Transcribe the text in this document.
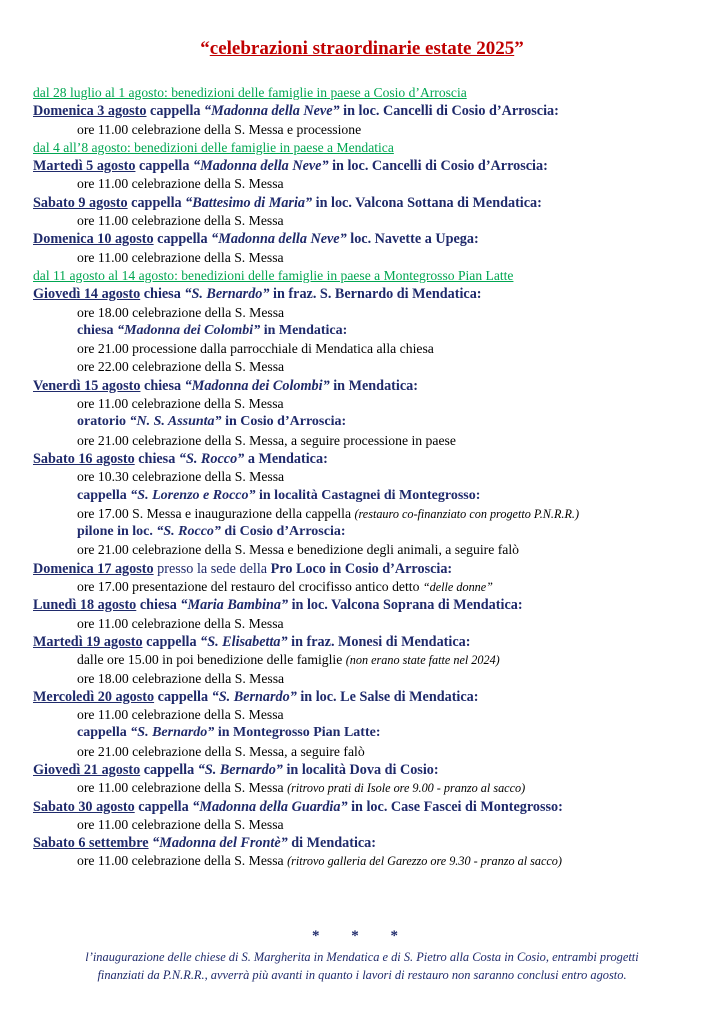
“celebrazioni straordinarie estate 2025”
dal 28 luglio al 1 agosto: benedizioni delle famiglie in paese a Cosio d’Arroscia
Domenica 3 agosto cappella “Madonna della Neve” in loc. Cancelli di Cosio d’Arroscia:
ore 11.00 celebrazione della S. Messa e processione
dal 4 all’8 agosto: benedizioni delle famiglie in paese a Mendatica
Martedì 5 agosto cappella “Madonna della Neve” in loc. Cancelli di Cosio d’Arroscia:
ore 11.00 celebrazione della S. Messa
Sabato 9 agosto cappella “Battesimo di Maria” in loc. Valcona Sottana di Mendatica:
ore 11.00 celebrazione della S. Messa
Domenica 10 agosto cappella “Madonna della Neve” loc. Navette a Upega:
ore 11.00 celebrazione della S. Messa
dal 11 agosto al 14 agosto: benedizioni delle famiglie in paese a Montegrosso Pian Latte
Giovedì 14 agosto chiesa “S. Bernardo” in fraz. S. Bernardo di Mendatica:
ore 18.00 celebrazione della S. Messa
chiesa “Madonna dei Colombi” in Mendatica:
ore 21.00 processione dalla parrocchiale di Mendatica alla chiesa
ore 22.00 celebrazione della S. Messa
Venerdì 15 agosto chiesa “Madonna dei Colombi” in Mendatica:
ore 11.00 celebrazione della S. Messa
oratorio “N. S. Assunta” in Cosio d’Arroscia:
ore 21.00 celebrazione della S. Messa, a seguire processione in paese
Sabato 16 agosto chiesa “S. Rocco” a Mendatica:
ore 10.30 celebrazione della S. Messa
cappella “S. Lorenzo e Rocco” in località Castagnei di Montegrosso:
ore 17.00 S. Messa e inaugurazione della cappella (restauro co-finanziato con progetto P.N.R.R.)
pilone in loc. “S. Rocco” di Cosio d’Arroscia:
ore 21.00 celebrazione della S. Messa e benedizione degli animali, a seguire falò
Domenica 17 agosto presso la sede della Pro Loco in Cosio d’Arroscia:
ore 17.00 presentazione del restauro del crocifisso antico detto “delle donne”
Lunedì 18 agosto chiesa “Maria Bambina” in loc. Valcona Soprana di Mendatica:
ore 11.00 celebrazione della S. Messa
Martedì 19 agosto cappella “S. Elisabetta” in fraz. Monesi di Mendatica:
dalle ore 15.00 in poi benedizione delle famiglie (non erano state fatte nel 2024)
ore 18.00 celebrazione della S. Messa
Mercoledì 20 agosto cappella “S. Bernardo” in loc. Le Salse di Mendatica:
ore 11.00 celebrazione della S. Messa
cappella “S. Bernardo” in Montegrosso Pian Latte:
ore 21.00 celebrazione della S. Messa, a seguire falò
Giovedì 21 agosto cappella “S. Bernardo” in località Dova di Cosio:
ore 11.00 celebrazione della S. Messa (ritrovo prati di Isole ore 9.00 - pranzo al sacco)
Sabato 30 agosto cappella “Madonna della Guardia” in loc. Case Fascei di Montegrosso:
ore 11.00 celebrazione della S. Messa
Sabato 6 settembre “Madonna del Frontè” di Mendatica:
ore 11.00 celebrazione della S. Messa (ritrovo galleria del Garezzo ore 9.30 - pranzo al sacco)
* * *
l’inaugurazione delle chiese di S. Margherita in Mendatica e di S. Pietro alla Costa in Cosio, entrambi progetti
finanziati da P.N.R.R., avverrà più avanti in quanto i lavori di restauro non saranno conclusi entro agosto.
